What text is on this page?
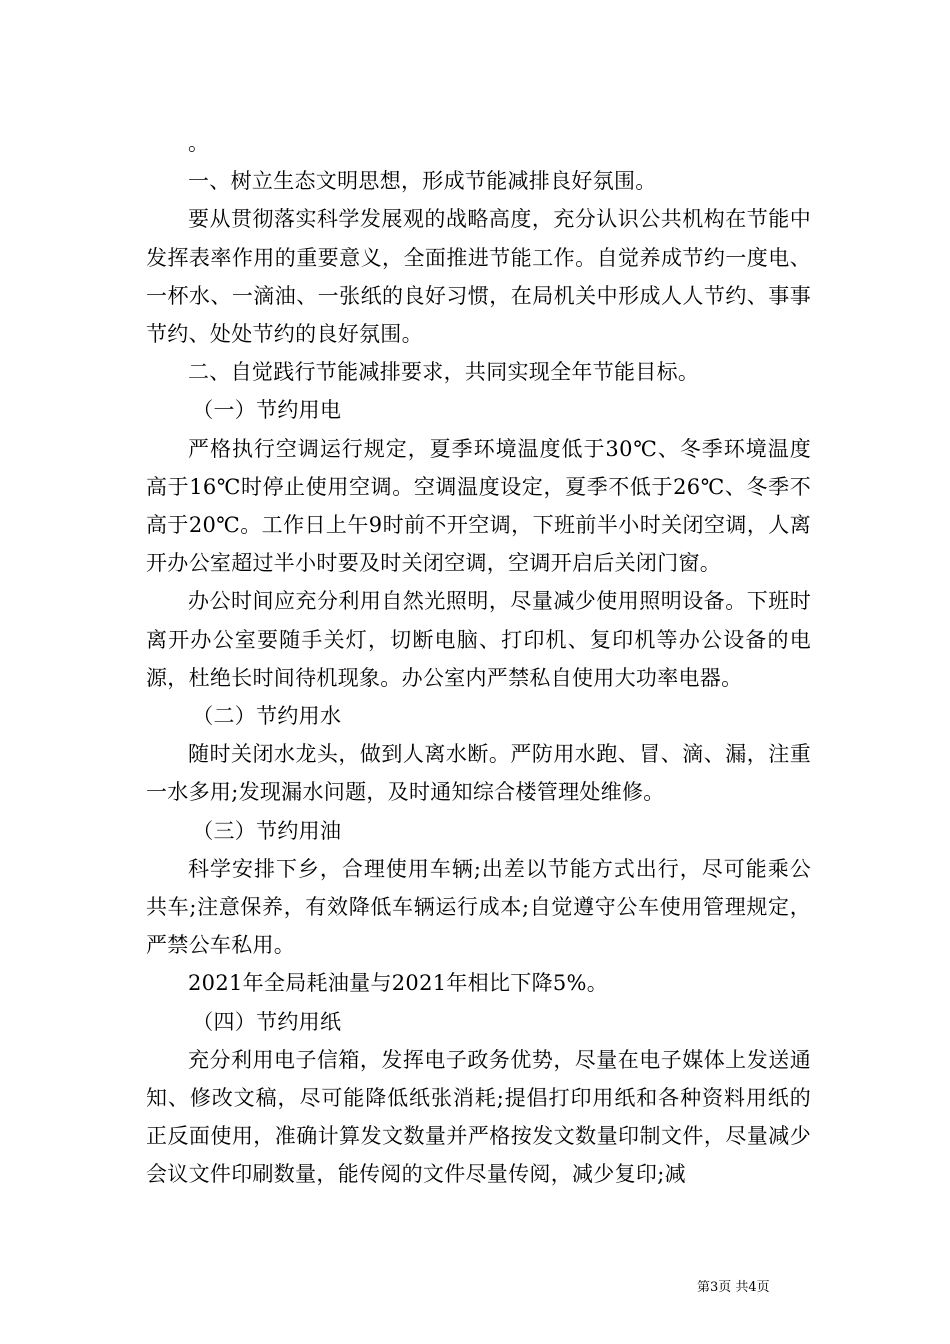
。

一、树立生态文明思想，形成节能减排良好氛围。

要从贯彻落实科学发展观的战略高度，充分认识公共机构在节能中发挥表率作用的重要意义，全面推进节能工作。自觉养成节约一度电、一杯水、一滴油、一张纸的良好习惯，在局机关中形成人人节约、事事节约、处处节约的良好氛围。

二、自觉践行节能减排要求，共同实现全年节能目标。

（一）节约用电

严格执行空调运行规定，夏季环境温度低于30℃、冬季环境温度高于16℃时停止使用空调。空调温度设定，夏季不低于26℃、冬季不高于20℃。工作日上午9时前不开空调，下班前半小时关闭空调，人离开办公室超过半小时要及时关闭空调，空调开启后关闭门窗。

办公时间应充分利用自然光照明，尽量减少使用照明设备。下班时离开办公室要随手关灯，切断电脑、打印机、复印机等办公设备的电源，杜绝长时间待机现象。办公室内严禁私自使用大功率电器。

（二）节约用水

随时关闭水龙头，做到人离水断。严防用水跑、冒、滴、漏，注重一水多用;发现漏水问题，及时通知综合楼管理处维修。

（三）节约用油

科学安排下乡，合理使用车辆;出差以节能方式出行，尽可能乘公共车;注意保养，有效降低车辆运行成本;自觉遵守公车使用管理规定，严禁公车私用。

2021年全局耗油量与2021年相比下降5%。

（四）节约用纸

充分利用电子信箱，发挥电子政务优势，尽量在电子媒体上发送通知、修改文稿，尽可能降低纸张消耗;提倡打印用纸和各种资料用纸的正反面使用，准确计算发文数量并严格按发文数量印制文件，尽量减少会议文件印刷数量，能传阅的文件尽量传阅，减少复印;减

第3页 共4页
